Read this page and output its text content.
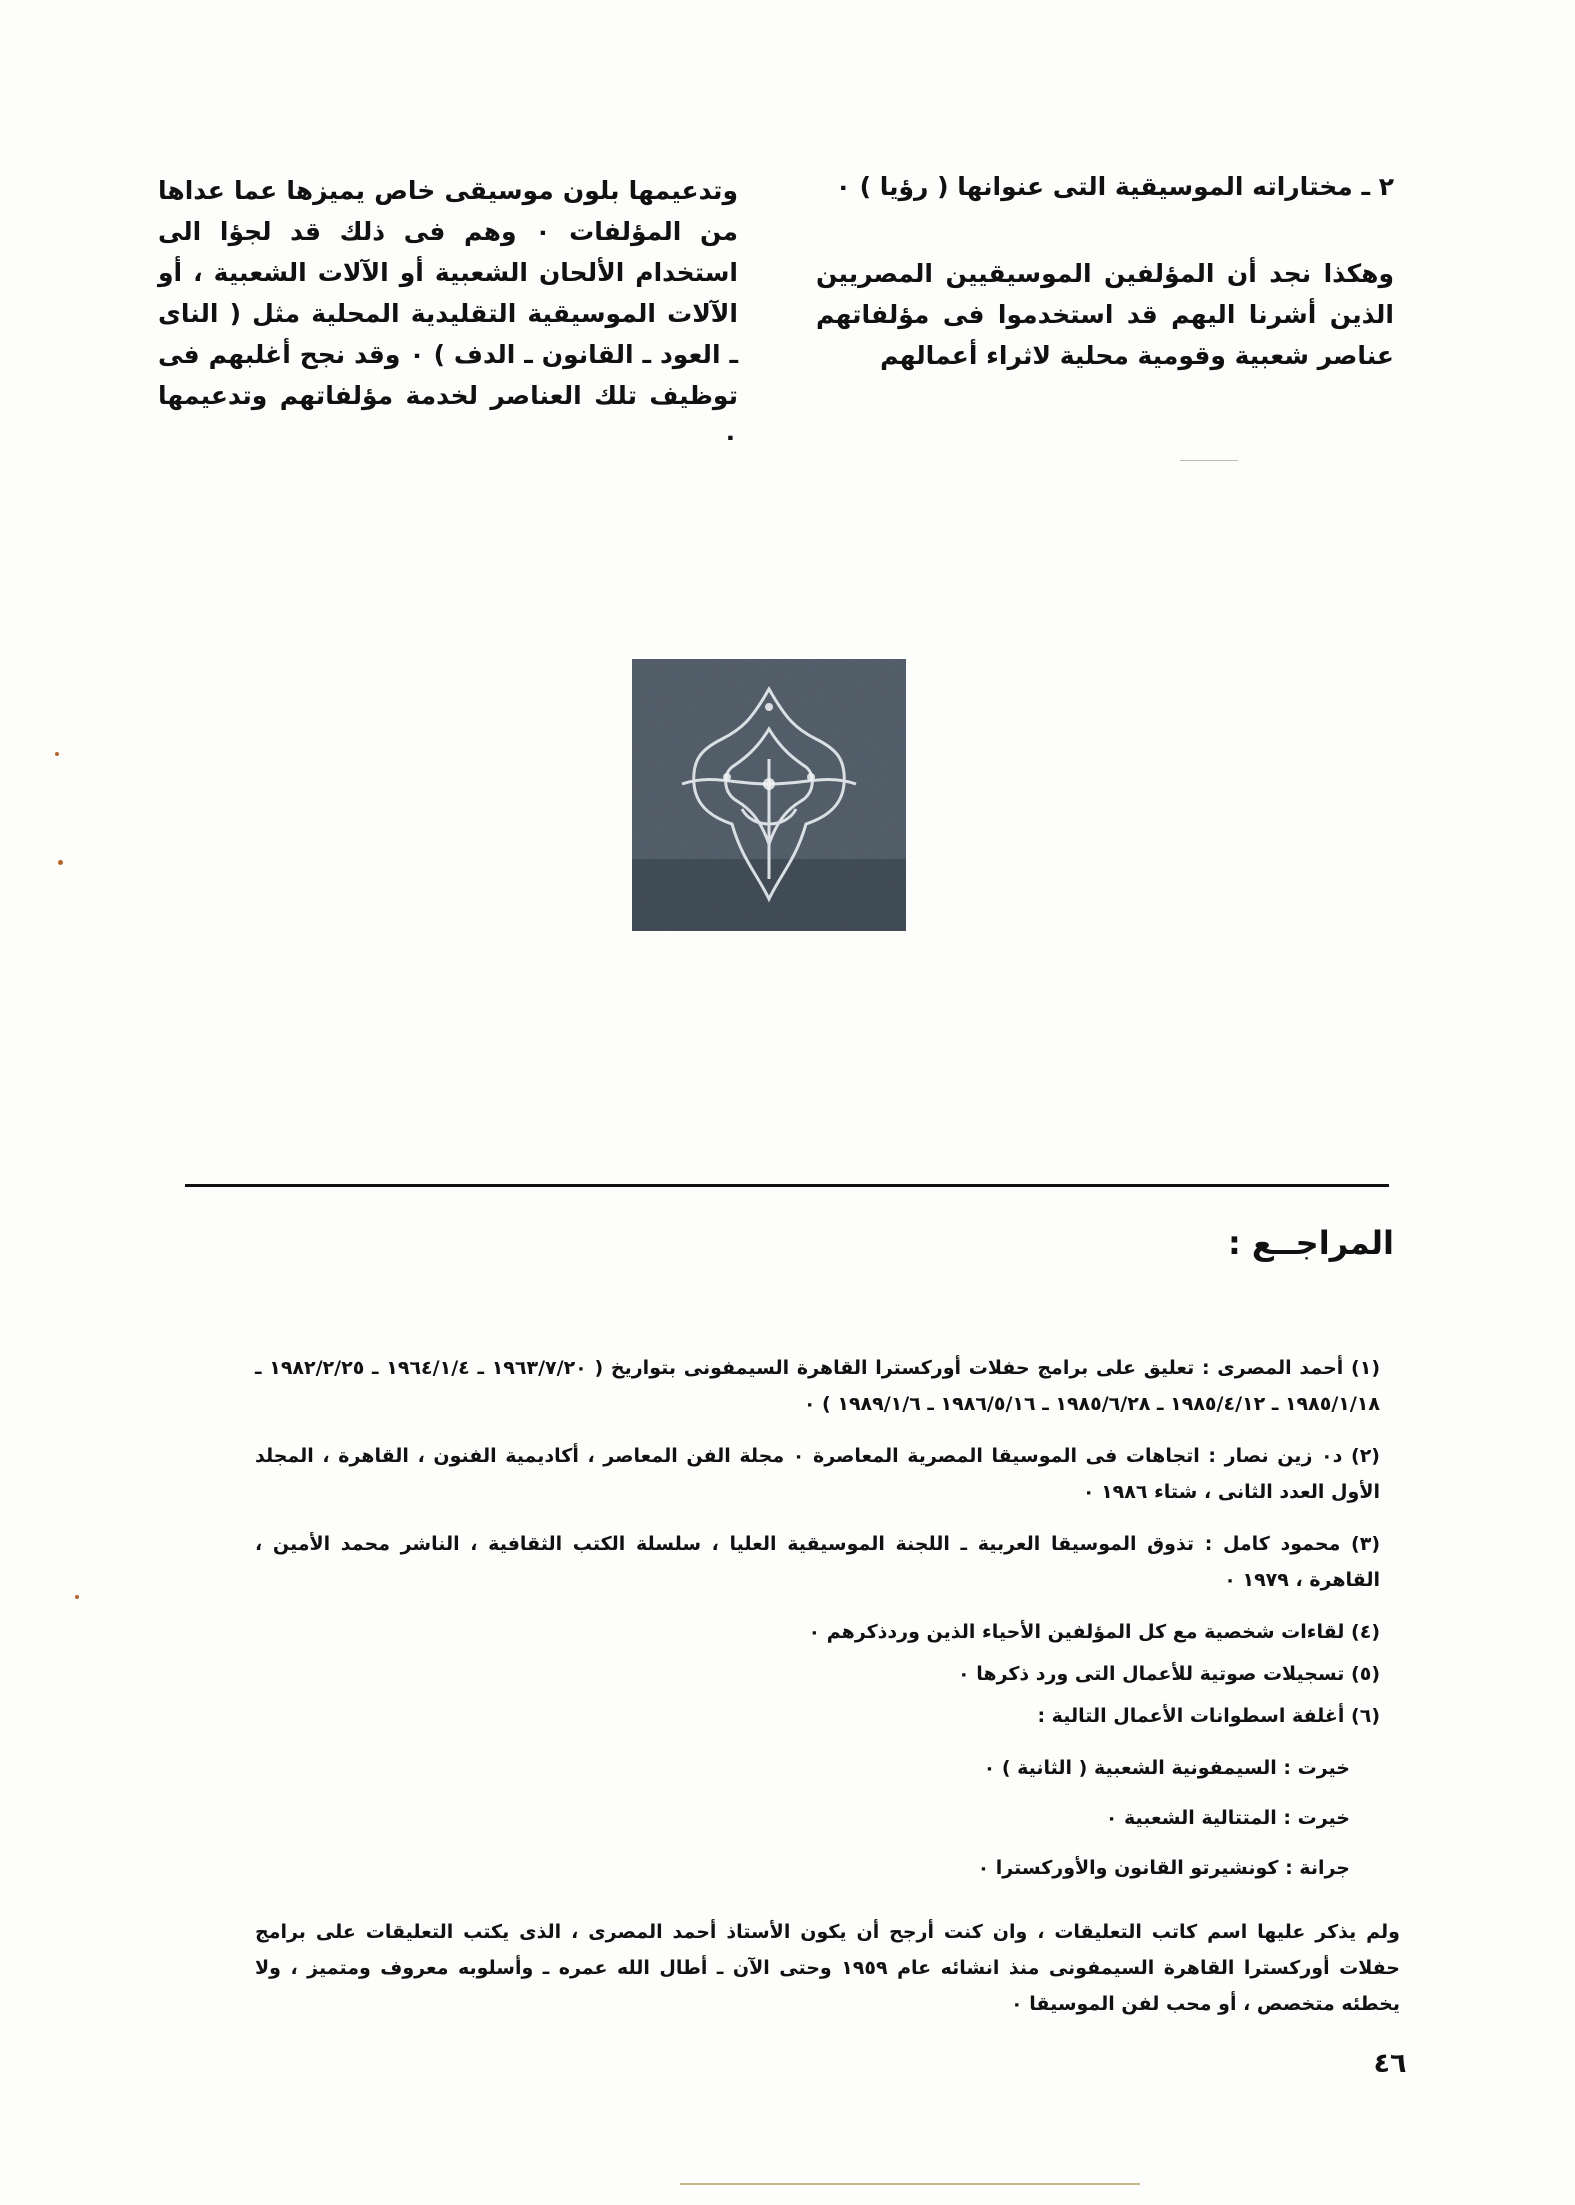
٢ ـ مختاراته الموسيقية التى عنوانها ( رؤيا ) ٠

وهكذا نجد أن المؤلفين الموسيقيين المصريين الذين أشرنا اليهم قد استخدموا فى مؤلفاتهم عناصر شعبية وقومية محلية لاثراء أعمالهم

وتدعيمها بلون موسيقى خاص يميزها عما عداها من المؤلفات ٠ وهم فى ذلك قد لجؤا الى استخدام الألحان الشعبية أو الآلات الشعبية ، أو الآلات الموسيقية التقليدية المحلية مثل ( الناى ـ العود ـ القانون ـ الدف ) ٠ وقد نجح أغلبهم فى توظيف تلك العناصر لخدمة مؤلفاتهم وتدعيمها ٠

المراجــع :

(١) أحمد المصرى : تعليق على برامج حفلات أوركسترا القاهرة السيمفونى بتواريخ ( ١٩٦٣/٧/٢٠ ـ ١٩٦٤/١/٤ ـ ١٩٨٢/٢/٢٥ ـ ١٩٨٥/١/١٨ ـ ١٩٨٥/٤/١٢ ـ ١٩٨٥/٦/٢٨ ـ ١٩٨٦/٥/١٦ ـ ١٩٨٩/١/٦ ) ٠

(٢) د٠ زين نصار : اتجاهات فى الموسيقا المصرية المعاصرة ٠ مجلة الفن المعاصر ، أكاديمية الفنون ، القاهرة ، المجلد الأول العدد الثانى ، شتاء ١٩٨٦ ٠

(٣) محمود كامل : تذوق الموسيقا العربية ـ اللجنة الموسيقية العليا ، سلسلة الكتب الثقافية ، الناشر محمد الأمين ، القاهرة ، ١٩٧٩ ٠

(٤) لقاءات شخصية مع كل المؤلفين الأحياء الذين وردذكرهم ٠

(٥) تسجيلات صوتية للأعمال التى ورد ذكرها ٠

(٦) أغلفة اسطوانات الأعمال التالية :

خيرت : السيمفونية الشعبية ( الثانية ) ٠

خيرت : المتتالية الشعبية ٠

جرانة : كونشيرتو القانون والأوركسترا ٠

ولم يذكر عليها اسم كاتب التعليقات ، وان كنت أرجح أن يكون الأستاذ أحمد المصرى ، الذى يكتب التعليقات على برامج حفلات أوركسترا القاهرة السيمفونى منذ انشائه عام ١٩٥٩ وحتى الآن ـ أطال الله عمره ـ وأسلوبه معروف ومتميز ، ولا يخطئه متخصص ، أو محب لفن الموسيقا ٠

٤٦
